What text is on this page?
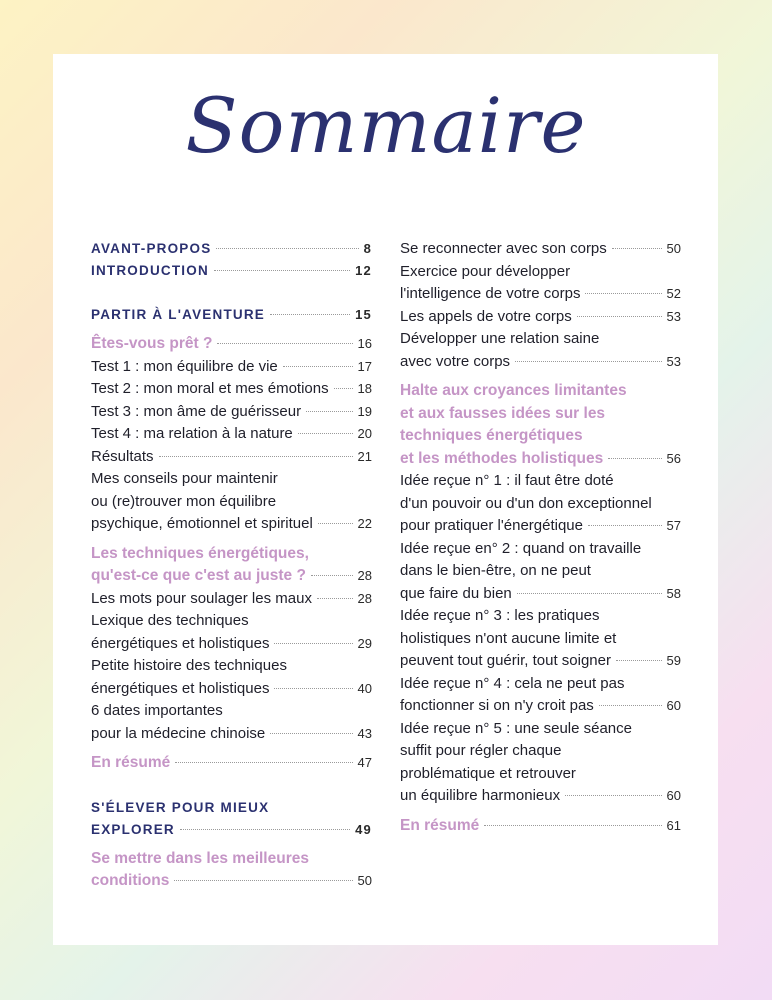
Sommaire
AVANT-PROPOS	8
INTRODUCTION	12
PARTIR À L'AVENTURE	15
Êtes-vous prêt ?	16
Test 1 : mon équilibre de vie	17
Test 2 : mon moral et mes émotions 18
Test 3 : mon âme de guérisseur	19
Test 4 : ma relation à la nature	20
Résultats	21
Mes conseils pour maintenir
ou (re)trouver mon équilibre
psychique, émotionnel et spirituel	22
Les techniques énergétiques,
qu'est-ce que c'est au juste ?	28
Les mots pour soulager les maux	28
Lexique des techniques
énergétiques et holistiques	29
Petite histoire des techniques
énergétiques et holistiques	40
6 dates importantes
pour la médecine chinoise	43
En résumé	47
S'ÉLEVER POUR MIEUX
EXPLORER	49
Se mettre dans les meilleures
conditions	50
Se reconnecter avec son corps	50
Exercice pour développer
l'intelligence de votre corps	52
Les appels de votre corps	53
Développer une relation saine
avec votre corps	53
Halte aux croyances limitantes
et aux fausses idées sur les
techniques énergétiques
et les méthodes holistiques	56
Idée reçue n° 1 : il faut être doté
d'un pouvoir ou d'un don exceptionnel
pour pratiquer l'énergétique	57
Idée reçue en° 2 : quand on travaille
dans le bien-être, on ne peut
que faire du bien	58
Idée reçue n° 3 : les pratiques
holistiques n'ont aucune limite et
peuvent tout guérir, tout soigner	59
Idée reçue n° 4 : cela ne peut pas
fonctionner si on n'y croit pas	60
Idée reçue n° 5 : une seule séance
suffit pour régler chaque
problématique et retrouver
un équilibre harmonieux	60
En résumé	61
